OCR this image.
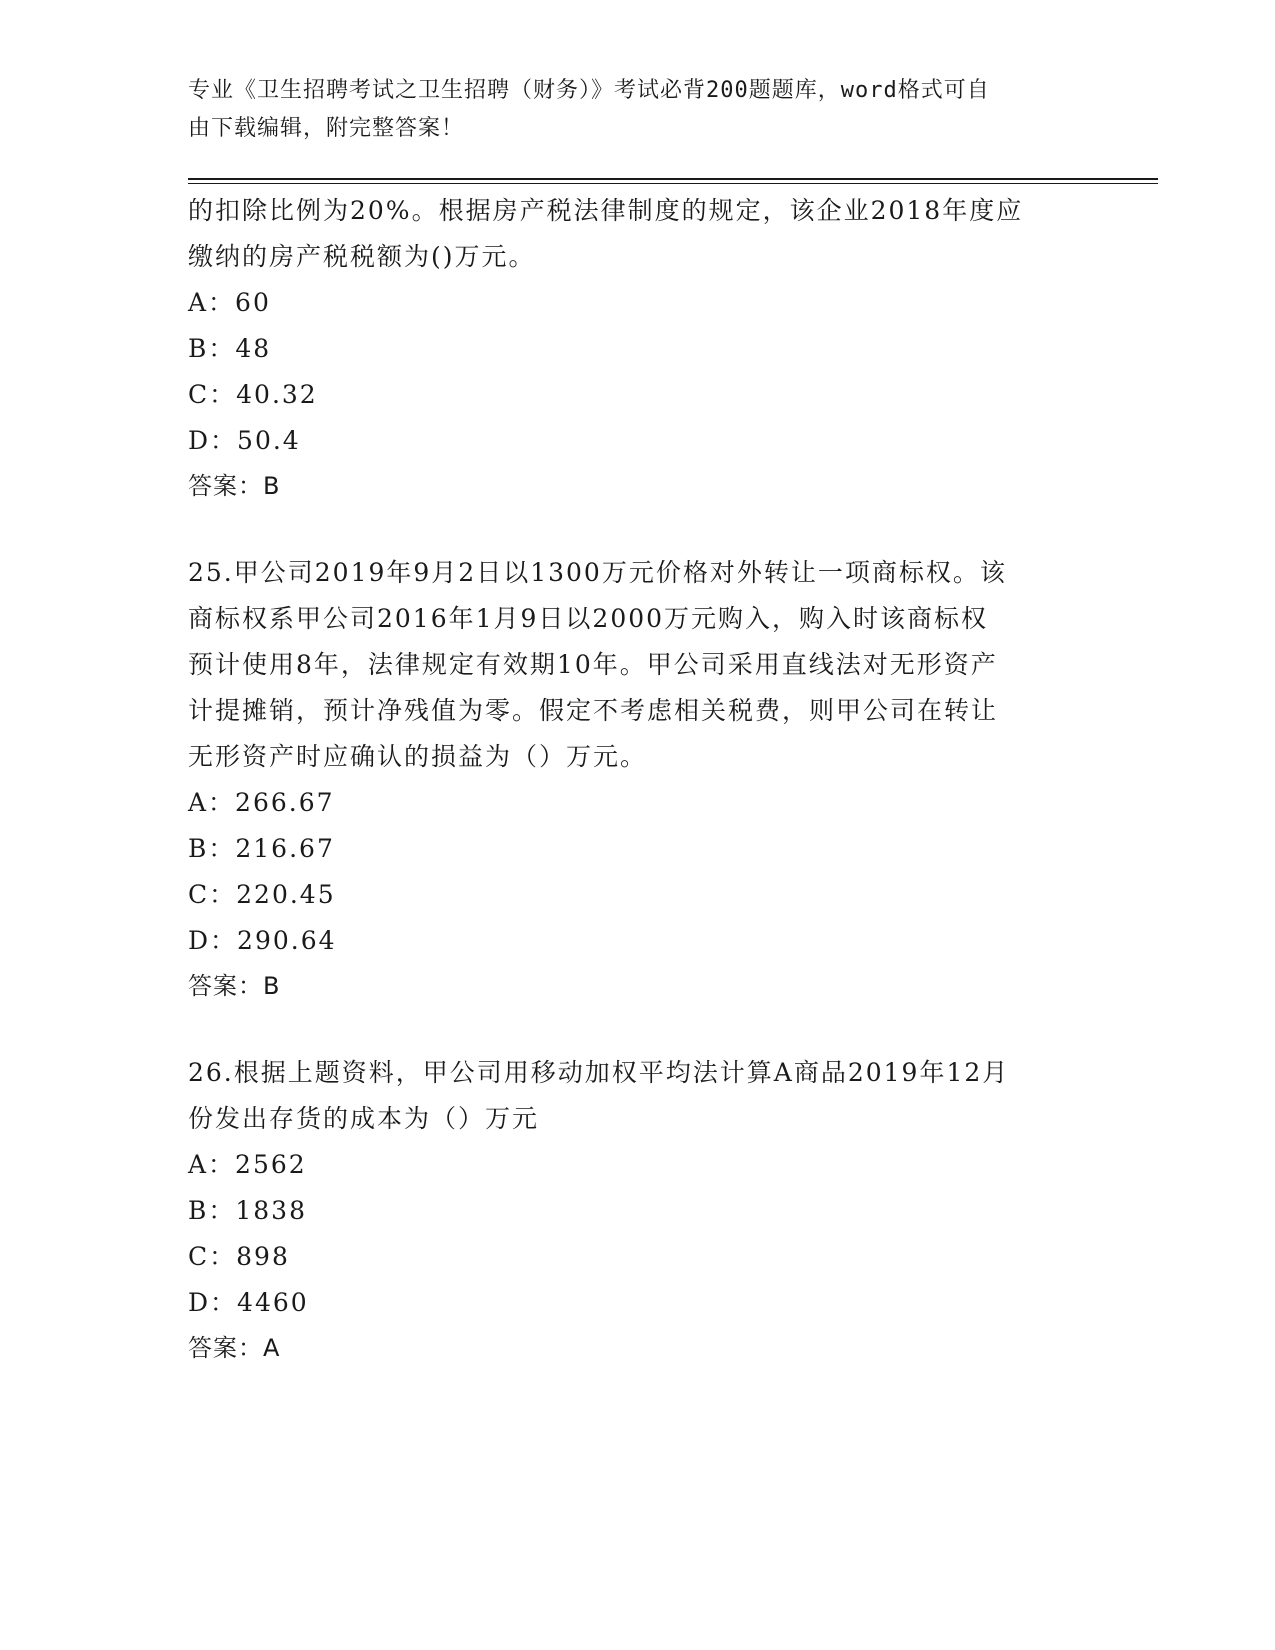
专业《卫生招聘考试之卫生招聘（财务）》考试必背200题题库，word格式可自
由下载编辑，附完整答案！
的扣除比例为20%。根据房产税法律制度的规定，该企业2018年度应
缴纳的房产税税额为()万元。
A：60
B：48
C：40.32
D：50.4
答案：B
25.甲公司2019年9月2日以1300万元价格对外转让一项商标权。该
商标权系甲公司2016年1月9日以2000万元购入，购入时该商标权
预计使用8年，法律规定有效期10年。甲公司采用直线法对无形资产
计提摊销，预计净残值为零。假定不考虑相关税费，则甲公司在转让
无形资产时应确认的损益为（）万元。
A：266.67
B：216.67
C：220.45
D：290.64
答案：B
26.根据上题资料，甲公司用移动加权平均法计算A商品2019年12月
份发出存货的成本为（）万元
A：2562
B：1838
C：898
D：4460
答案：A
